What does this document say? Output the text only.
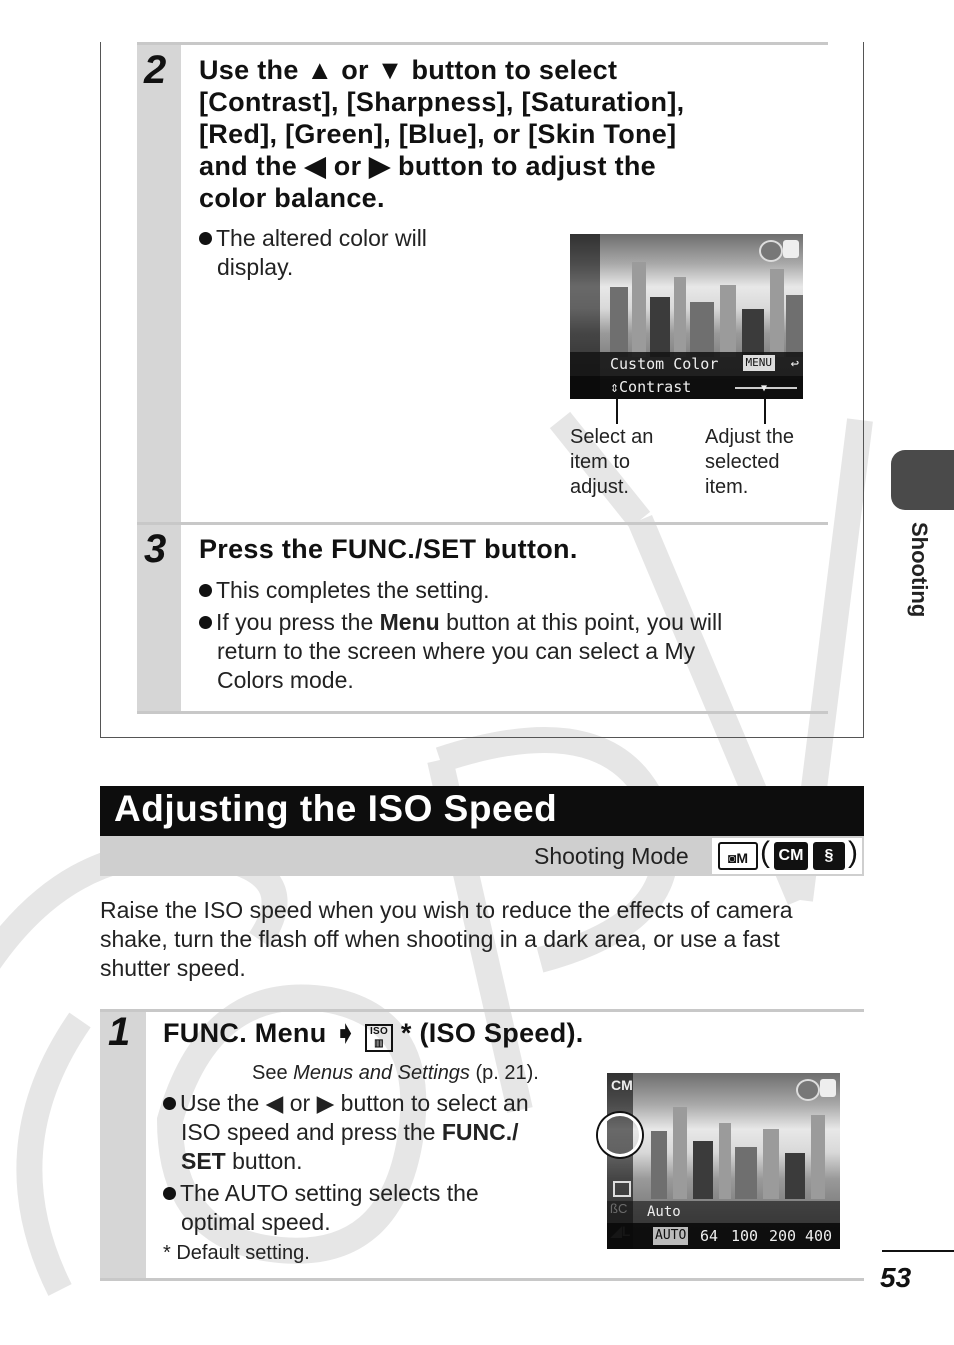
2 Use the ▲ or ▼ button to select
[Contrast], [Sharpness], [Saturation],
[Red], [Green], [Blue], or [Skin Tone]
and the ◀ or ▶ button to adjust the
color balance.
The altered color will
display.
Custom Color MENU ↩
⇕Contrast	▼
Select an
item to
adjust.
Adjust the
selected
item.
3 Press the FUNC./SET button.
This completes the setting.
If you press the Menu button at this point, you will
return to the screen where you can select a My
Colors mode.
Adjusting the ISO Speed
Shooting Mode	◙M ( CM	§ )
Raise the ISO speed when you wish to reduce the effects of camera
shake, turn the flash off when shooting in a dark area, or use a fast
shutter speed.
1 FUNC. Menu ➧ ISO
▥ * (ISO Speed).
See Menus and Settings (p. 21).
Use the ◀ or ▶ button to select an
ISO speed and press the FUNC./
SET button.
The AUTO setting selects the
optimal speed.
* Default setting.
CM
Auto
AUTO 64 100 200 400
Shooting
53
